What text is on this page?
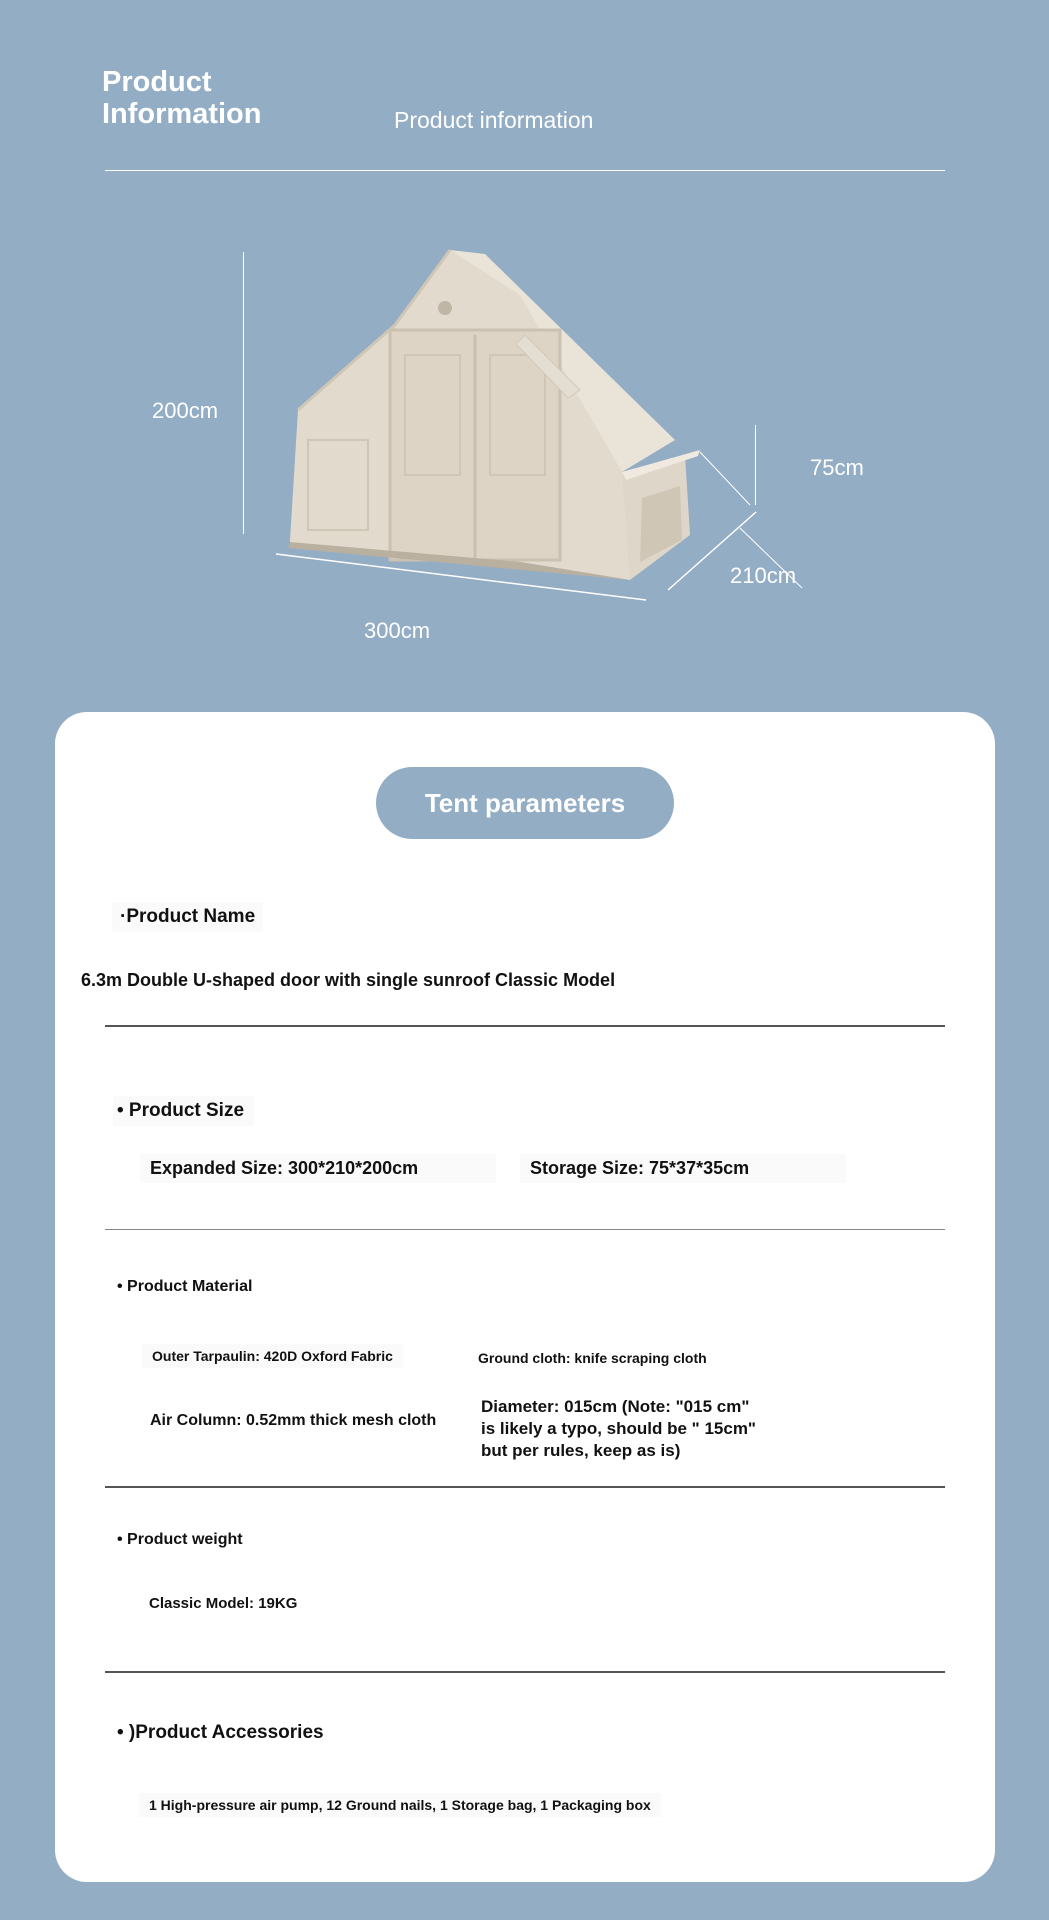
Product
Information	Product information
200cm
300cm
210cm
75cm
Tent parameters
·Product Name
6.3m Double U-shaped door with single sunroof Classic Model
• Product Size
Expanded Size: 300*210*200cm	Storage Size: 75*37*35cm
• Product Material
Outer Tarpaulin: 420D Oxford Fabric	Ground cloth: knife scraping cloth
Air Column: 0.52mm thick mesh cloth
Diameter: 015cm (Note: "015 cm" is likely a typo, should be " 15cm" but per rules, keep as is)
• Product weight
Classic Model: 19KG
• )Product Accessories
1 High-pressure air pump, 12 Ground nails, 1 Storage bag, 1 Packaging box
